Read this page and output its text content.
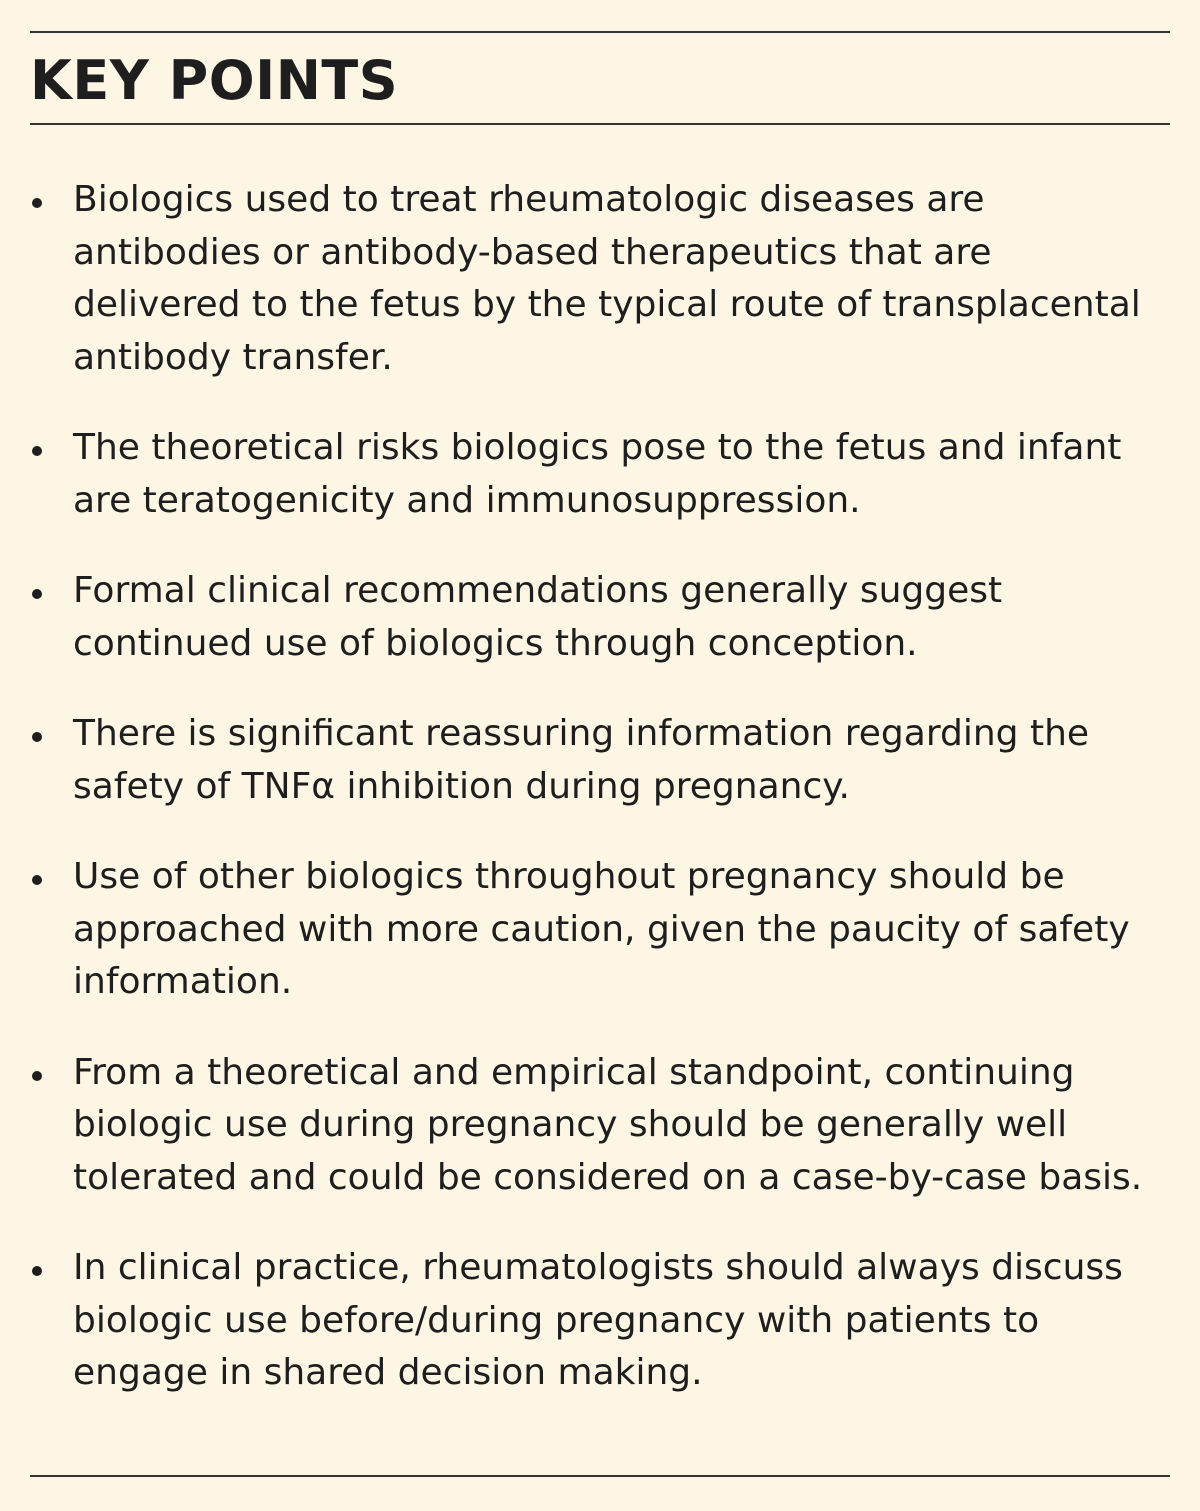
KEY POINTS
Biologics used to treat rheumatologic diseases are antibodies or antibody-based therapeutics that are delivered to the fetus by the typical route of transplacental antibody transfer.
The theoretical risks biologics pose to the fetus and infant are teratogenicity and immunosuppression.
Formal clinical recommendations generally suggest continued use of biologics through conception.
There is significant reassuring information regarding the safety of TNFα inhibition during pregnancy.
Use of other biologics throughout pregnancy should be approached with more caution, given the paucity of safety information.
From a theoretical and empirical standpoint, continuing biologic use during pregnancy should be generally well tolerated and could be considered on a case-by-case basis.
In clinical practice, rheumatologists should always discuss biologic use before/during pregnancy with patients to engage in shared decision making.
